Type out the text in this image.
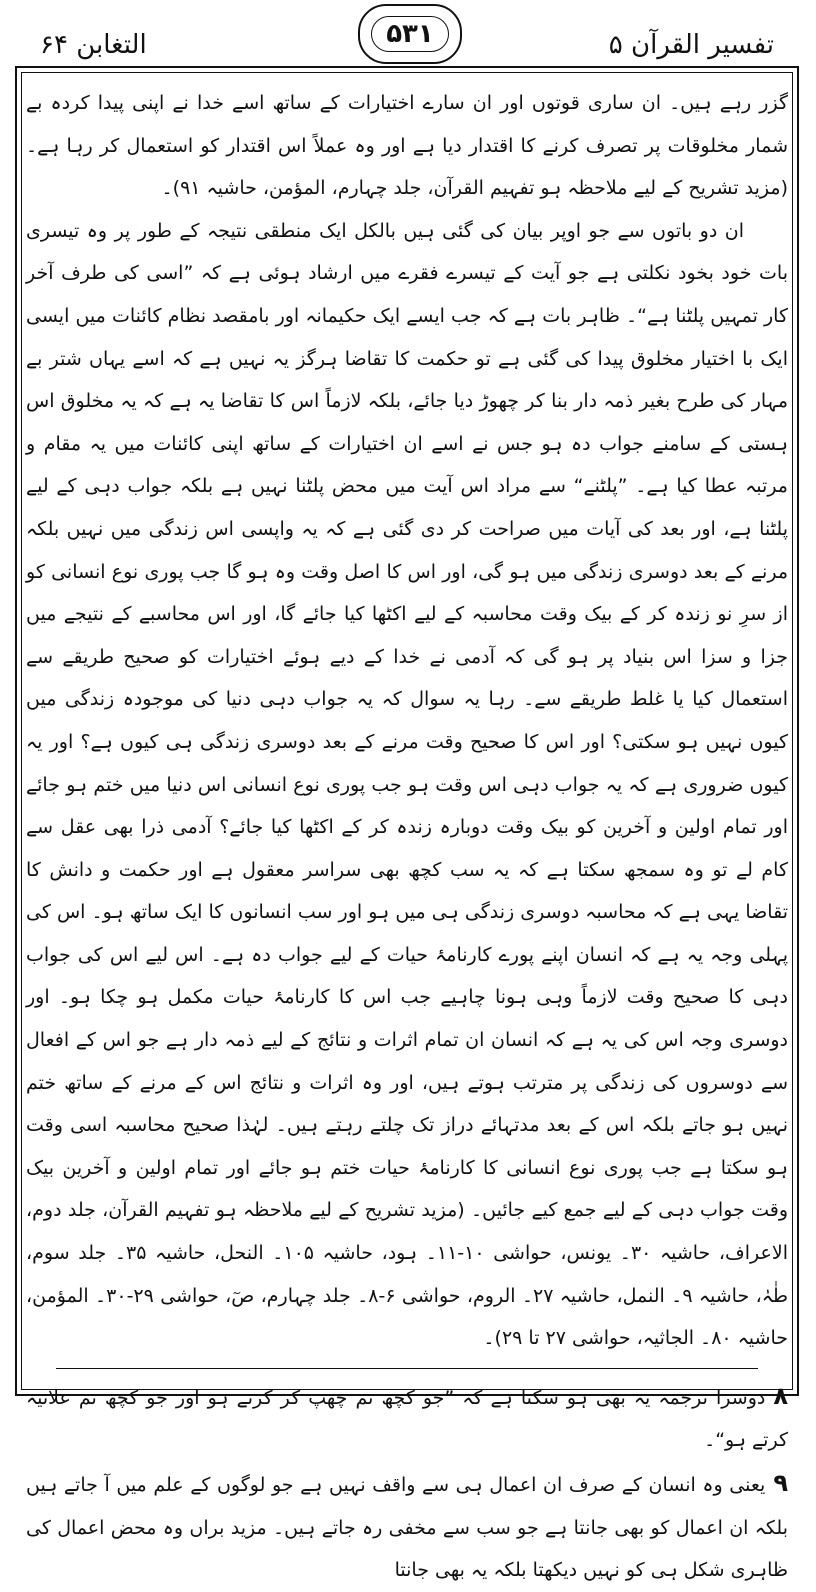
تفسیر القرآن ۵
۵۳۱
التغابن ۶۴

گزر رہے ہیں۔ ان ساری قوتوں اور ان سارے اختیارات کے ساتھ اسے خدا نے اپنی پیدا کردہ بے شمار مخلوقات پر تصرف کرنے کا اقتدار دیا ہے اور وہ عملاً اس اقتدار کو استعمال کر رہا ہے۔ (مزید تشریح کے لیے ملاحظہ ہو تفہیم القرآن، جلد چہارم، المؤمن، حاشیہ ۹۱)۔

ان دو باتوں سے جو اوپر بیان کی گئی ہیں بالکل ایک منطقی نتیجہ کے طور پر وہ تیسری بات خود بخود نکلتی ہے جو آیت کے تیسرے فقرے میں ارشاد ہوئی ہے کہ ”اسی کی طرف آخر کار تمہیں پلٹنا ہے“۔ ظاہر بات ہے کہ جب ایسے ایک حکیمانہ اور بامقصد نظام کائنات میں ایسی ایک با اختیار مخلوق پیدا کی گئی ہے تو حکمت کا تقاضا ہرگز یہ نہیں ہے کہ اسے یہاں شتر بے مہار کی طرح بغیر ذمہ دار بنا کر چھوڑ دیا جائے، بلکہ لازماً اس کا تقاضا یہ ہے کہ یہ مخلوق اس ہستی کے سامنے جواب دہ ہو جس نے اسے ان اختیارات کے ساتھ اپنی کائنات میں یہ مقام و مرتبہ عطا کیا ہے۔ ”پلٹنے“ سے مراد اس آیت میں محض پلٹنا نہیں ہے بلکہ جواب دہی کے لیے پلٹنا ہے، اور بعد کی آیات میں صراحت کر دی گئی ہے کہ یہ واپسی اس زندگی میں نہیں بلکہ مرنے کے بعد دوسری زندگی میں ہو گی، اور اس کا اصل وقت وہ ہو گا جب پوری نوع انسانی کو از سرِ نو زندہ کر کے بیک وقت محاسبہ کے لیے اکٹھا کیا جائے گا، اور اس محاسبے کے نتیجے میں جزا و سزا اس بنیاد پر ہو گی کہ آدمی نے خدا کے دیے ہوئے اختیارات کو صحیح طریقے سے استعمال کیا یا غلط طریقے سے۔ رہا یہ سوال کہ یہ جواب دہی دنیا کی موجودہ زندگی میں کیوں نہیں ہو سکتی؟ اور اس کا صحیح وقت مرنے کے بعد دوسری زندگی ہی کیوں ہے؟ اور یہ کیوں ضروری ہے کہ یہ جواب دہی اس وقت ہو جب پوری نوع انسانی اس دنیا میں ختم ہو جائے اور تمام اولین و آخرین کو بیک وقت دوبارہ زندہ کر کے اکٹھا کیا جائے؟ آدمی ذرا بھی عقل سے کام لے تو وہ سمجھ سکتا ہے کہ یہ سب کچھ بھی سراسر معقول ہے اور حکمت و دانش کا تقاضا یہی ہے کہ محاسبہ دوسری زندگی ہی میں ہو اور سب انسانوں کا ایک ساتھ ہو۔ اس کی پہلی وجہ یہ ہے کہ انسان اپنے پورے کارنامۂ حیات کے لیے جواب دہ ہے۔ اس لیے اس کی جواب دہی کا صحیح وقت لازماً وہی ہونا چاہیے جب اس کا کارنامۂ حیات مکمل ہو چکا ہو۔ اور دوسری وجہ اس کی یہ ہے کہ انسان ان تمام اثرات و نتائج کے لیے ذمہ دار ہے جو اس کے افعال سے دوسروں کی زندگی پر مترتب ہوتے ہیں، اور وہ اثرات و نتائج اس کے مرنے کے ساتھ ختم نہیں ہو جاتے بلکہ اس کے بعد مدتہائے دراز تک چلتے رہتے ہیں۔ لہٰذا صحیح محاسبہ اسی وقت ہو سکتا ہے جب پوری نوع انسانی کا کارنامۂ حیات ختم ہو جائے اور تمام اولین و آخرین بیک وقت جواب دہی کے لیے جمع کیے جائیں۔ (مزید تشریح کے لیے ملاحظہ ہو تفہیم القرآن، جلد دوم، الاعراف، حاشیہ ۳۰۔ یونس، حواشی ۱۰-۱۱۔ ہود، حاشیہ ۱۰۵۔ النحل، حاشیہ ۳۵۔ جلد سوم، طٰہٰ، حاشیہ ۹۔ النمل، حاشیہ ۲۷۔ الروم، حواشی ۶-۸۔ جلد چہارم، صٓ، حواشی ۲۹-۳۰۔ المؤمن، حاشیہ ۸۰۔ الجاثیہ، حواشی ۲۷ تا ۲۹)۔

۸دوسرا ترجمہ یہ بھی ہو سکتا ہے کہ ”جو کچھ تم چھپ کر کرتے ہو اور جو کچھ تم علانیہ کرتے ہو“۔

۹یعنی وہ انسان کے صرف ان اعمال ہی سے واقف نہیں ہے جو لوگوں کے علم میں آ جاتے ہیں بلکہ ان اعمال کو بھی جانتا ہے جو سب سے مخفی رہ جاتے ہیں۔ مزید براں وہ محض اعمال کی ظاہری شکل ہی کو نہیں دیکھتا بلکہ یہ بھی جانتا
